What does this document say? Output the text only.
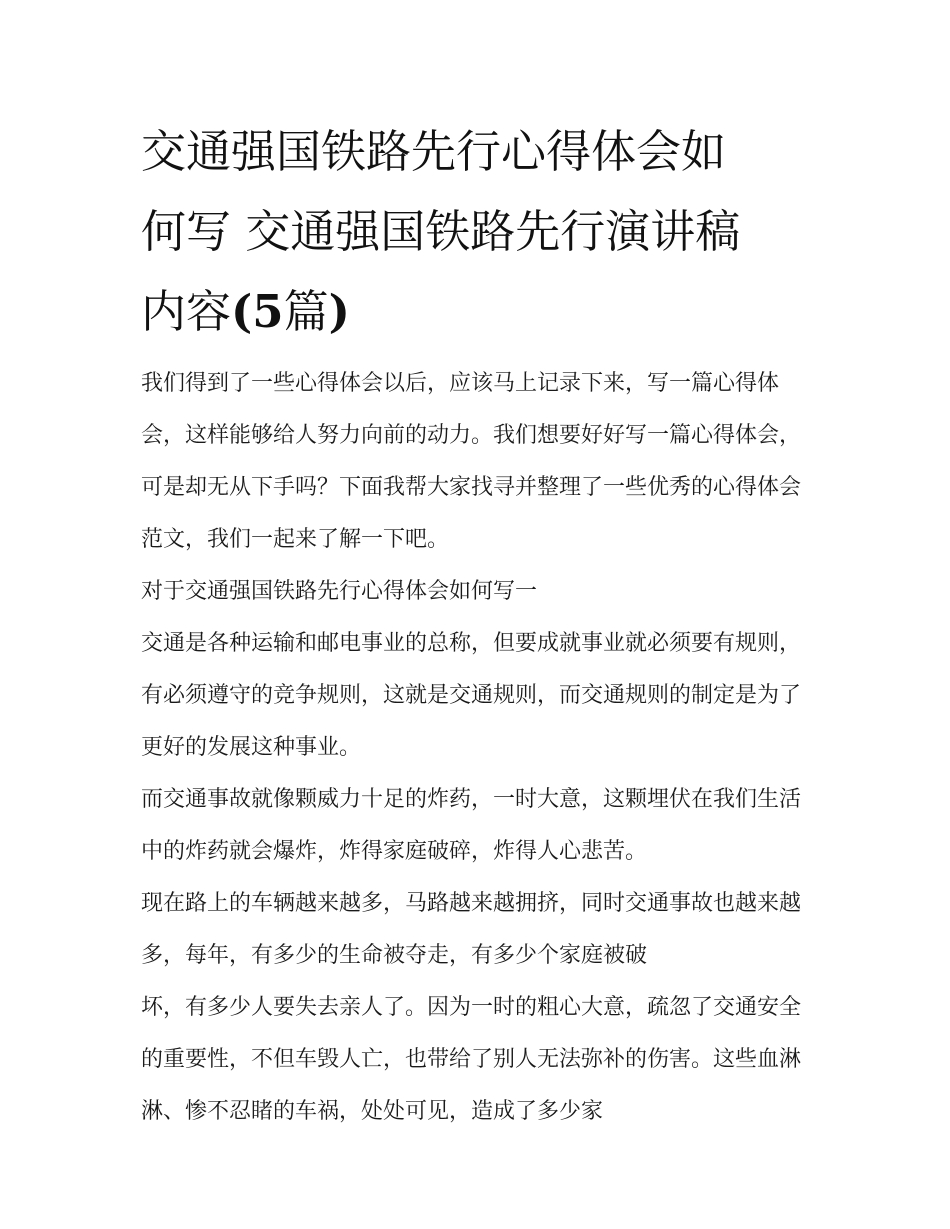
交通强国铁路先行心得体会如
何写 交通强国铁路先行演讲稿
内容(5篇)

我们得到了一些心得体会以后，应该马上记录下来，写一篇心得体会，这样能够给人努力向前的动力。我们想要好好写一篇心得体会，可是却无从下手吗？下面我帮大家找寻并整理了一些优秀的心得体会范文，我们一起来了解一下吧。

对于交通强国铁路先行心得体会如何写一

交通是各种运输和邮电事业的总称，但要成就事业就必须要有规则，有必须遵守的竞争规则，这就是交通规则，而交通规则的制定是为了更好的发展这种事业。

而交通事故就像颗威力十足的炸药，一时大意，这颗埋伏在我们生活中的炸药就会爆炸，炸得家庭破碎，炸得人心悲苦。

现在路上的车辆越来越多，马路越来越拥挤，同时交通事故也越来越多，每年，有多少的生命被夺走，有多少个家庭被破

坏，有多少人要失去亲人了。因为一时的粗心大意，疏忽了交通安全的重要性，不但车毁人亡，也带给了别人无法弥补的伤害。这些血淋淋、惨不忍睹的车祸，处处可见，造成了多少家
